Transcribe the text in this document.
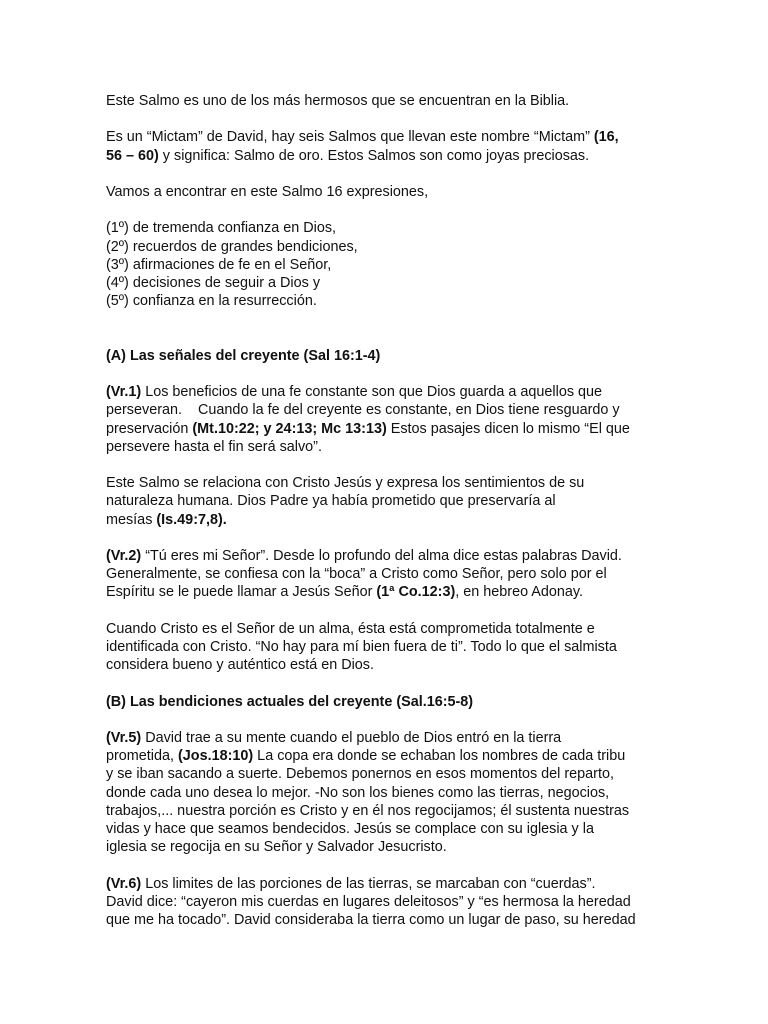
Este Salmo es uno de los más hermosos que se encuentran en la Biblia.

Es un “Mictam” de David, hay seis Salmos que llevan este nombre “Mictam” (16,
56 – 60) y significa: Salmo de oro. Estos Salmos son como joyas preciosas.

Vamos a encontrar en este Salmo 16 expresiones,

(1º) de tremenda confianza en Dios,
(2º) recuerdos de grandes bendiciones,
(3º) afirmaciones de fe en el Señor,
(4º) decisiones de seguir a Dios y
(5º) confianza en la resurrección.

(A) Las señales del creyente (Sal 16:1-4)

(Vr.1) Los beneficios de una fe constante son que Dios guarda a aquellos que
perseveran.    Cuando la fe del creyente es constante, en Dios tiene resguardo y
preservación (Mt.10:22; y 24:13; Mc 13:13) Estos pasajes dicen lo mismo “El que
persevere hasta el fin será salvo”.

Este Salmo se relaciona con Cristo Jesús y expresa los sentimientos de su
naturaleza humana. Dios Padre ya había prometido que preservaría al
mesías (Is.49:7,8).

(Vr.2) “Tú eres mi Señor”. Desde lo profundo del alma dice estas palabras David.
Generalmente, se confiesa con la “boca” a Cristo como Señor, pero solo por el
Espíritu se le puede llamar a Jesús Señor (1ª Co.12:3), en hebreo Adonay.

Cuando Cristo es el Señor de un alma, ésta está comprometida totalmente e
identificada con Cristo. “No hay para mí bien fuera de ti”. Todo lo que el salmista
considera bueno y auténtico está en Dios.

(B) Las bendiciones actuales del creyente (Sal.16:5-8)

(Vr.5) David trae a su mente cuando el pueblo de Dios entró en la tierra
prometida, (Jos.18:10) La copa era donde se echaban los nombres de cada tribu
y se iban sacando a suerte. Debemos ponernos en esos momentos del reparto,
donde cada uno desea lo mejor. -No son los bienes como las tierras, negocios,
trabajos,... nuestra porción es Cristo y en él nos regocijamos; él sustenta nuestras
vidas y hace que seamos bendecidos. Jesús se complace con su iglesia y la
iglesia se regocija en su Señor y Salvador Jesucristo.

(Vr.6) Los limites de las porciones de las tierras, se marcaban con “cuerdas”.
David dice: “cayeron mis cuerdas en lugares deleitosos” y “es hermosa la heredad
que me ha tocado”. David consideraba la tierra como un lugar de paso, su heredad
